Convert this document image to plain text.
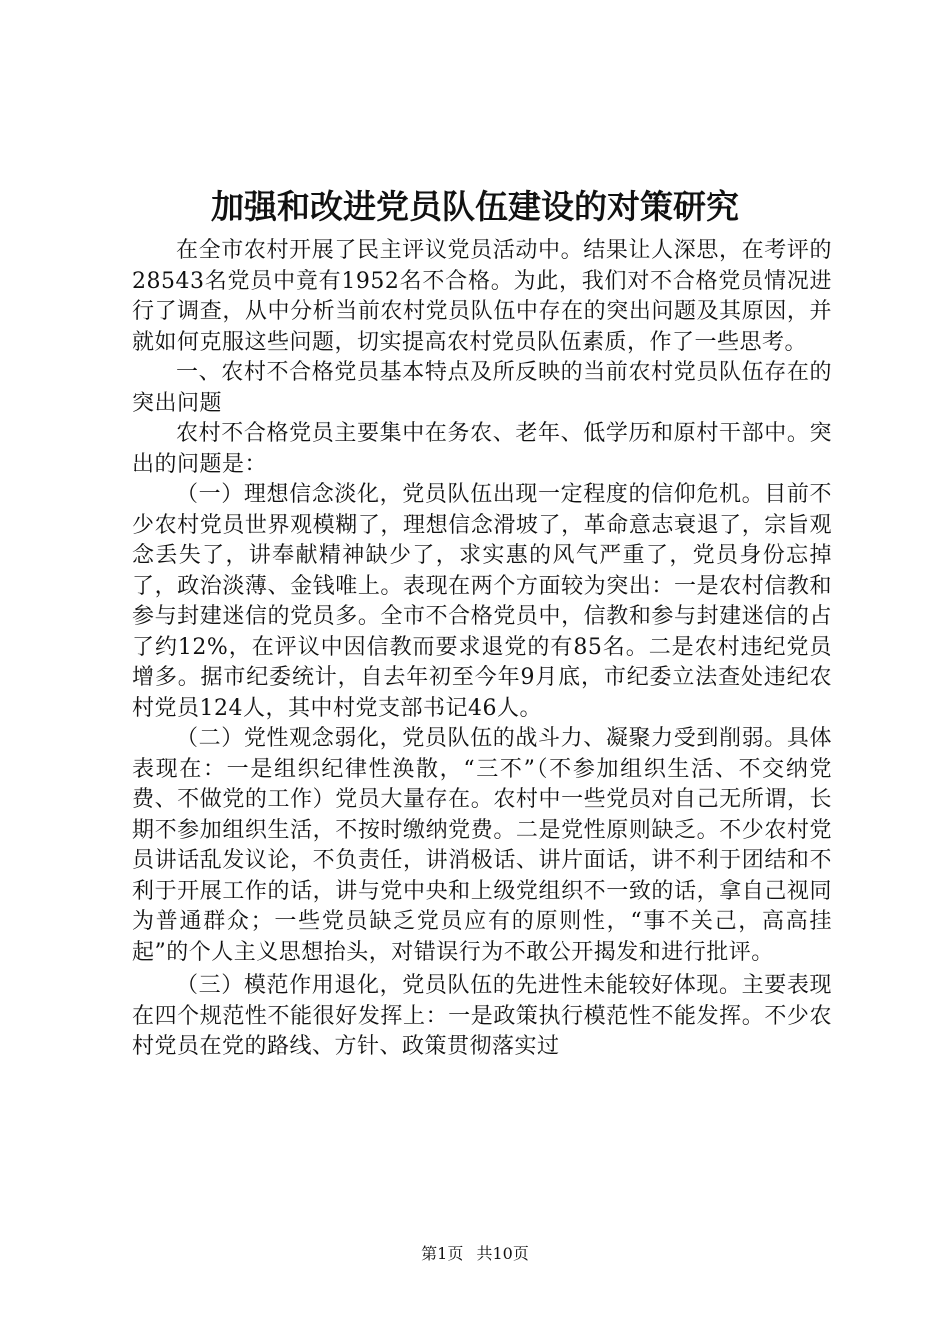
加强和改进党员队伍建设的对策研究

在全市农村开展了民主评议党员活动中。结果让人深思，在考评的28543名党员中竟有1952名不合格。为此，我们对不合格党员情况进行了调查，从中分析当前农村党员队伍中存在的突出问题及其原因，并就如何克服这些问题，切实提高农村党员队伍素质，作了一些思考。

一、农村不合格党员基本特点及所反映的当前农村党员队伍存在的突出问题

农村不合格党员主要集中在务农、老年、低学历和原村干部中。突出的问题是：

（一）理想信念淡化，党员队伍出现一定程度的信仰危机。目前不少农村党员世界观模糊了，理想信念滑坡了，革命意志衰退了，宗旨观念丢失了，讲奉献精神缺少了，求实惠的风气严重了，党员身份忘掉了，政治淡薄、金钱唯上。表现在两个方面较为突出：一是农村信教和参与封建迷信的党员多。全市不合格党员中，信教和参与封建迷信的占了约12%，在评议中因信教而要求退党的有85名。二是农村违纪党员增多。据市纪委统计，自去年初至今年9月底，市纪委立法查处违纪农村党员124人，其中村党支部书记46人。

（二）党性观念弱化，党员队伍的战斗力、凝聚力受到削弱。具体表现在：一是组织纪律性涣散，“三不”（不参加组织生活、不交纳党费、不做党的工作）党员大量存在。农村中一些党员对自己无所谓，长期不参加组织生活，不按时缴纳党费。二是党性原则缺乏。不少农村党员讲话乱发议论，不负责任，讲消极话、讲片面话，讲不利于团结和不利于开展工作的话，讲与党中央和上级党组织不一致的话，拿自己视同为普通群众；一些党员缺乏党员应有的原则性，“事不关己，高高挂起”的个人主义思想抬头，对错误行为不敢公开揭发和进行批评。

（三）模范作用退化，党员队伍的先进性未能较好体现。主要表现在四个规范性不能很好发挥上：一是政策执行模范性不能发挥。不少农村党员在党的路线、方针、政策贯彻落实过

第1页 共10页
